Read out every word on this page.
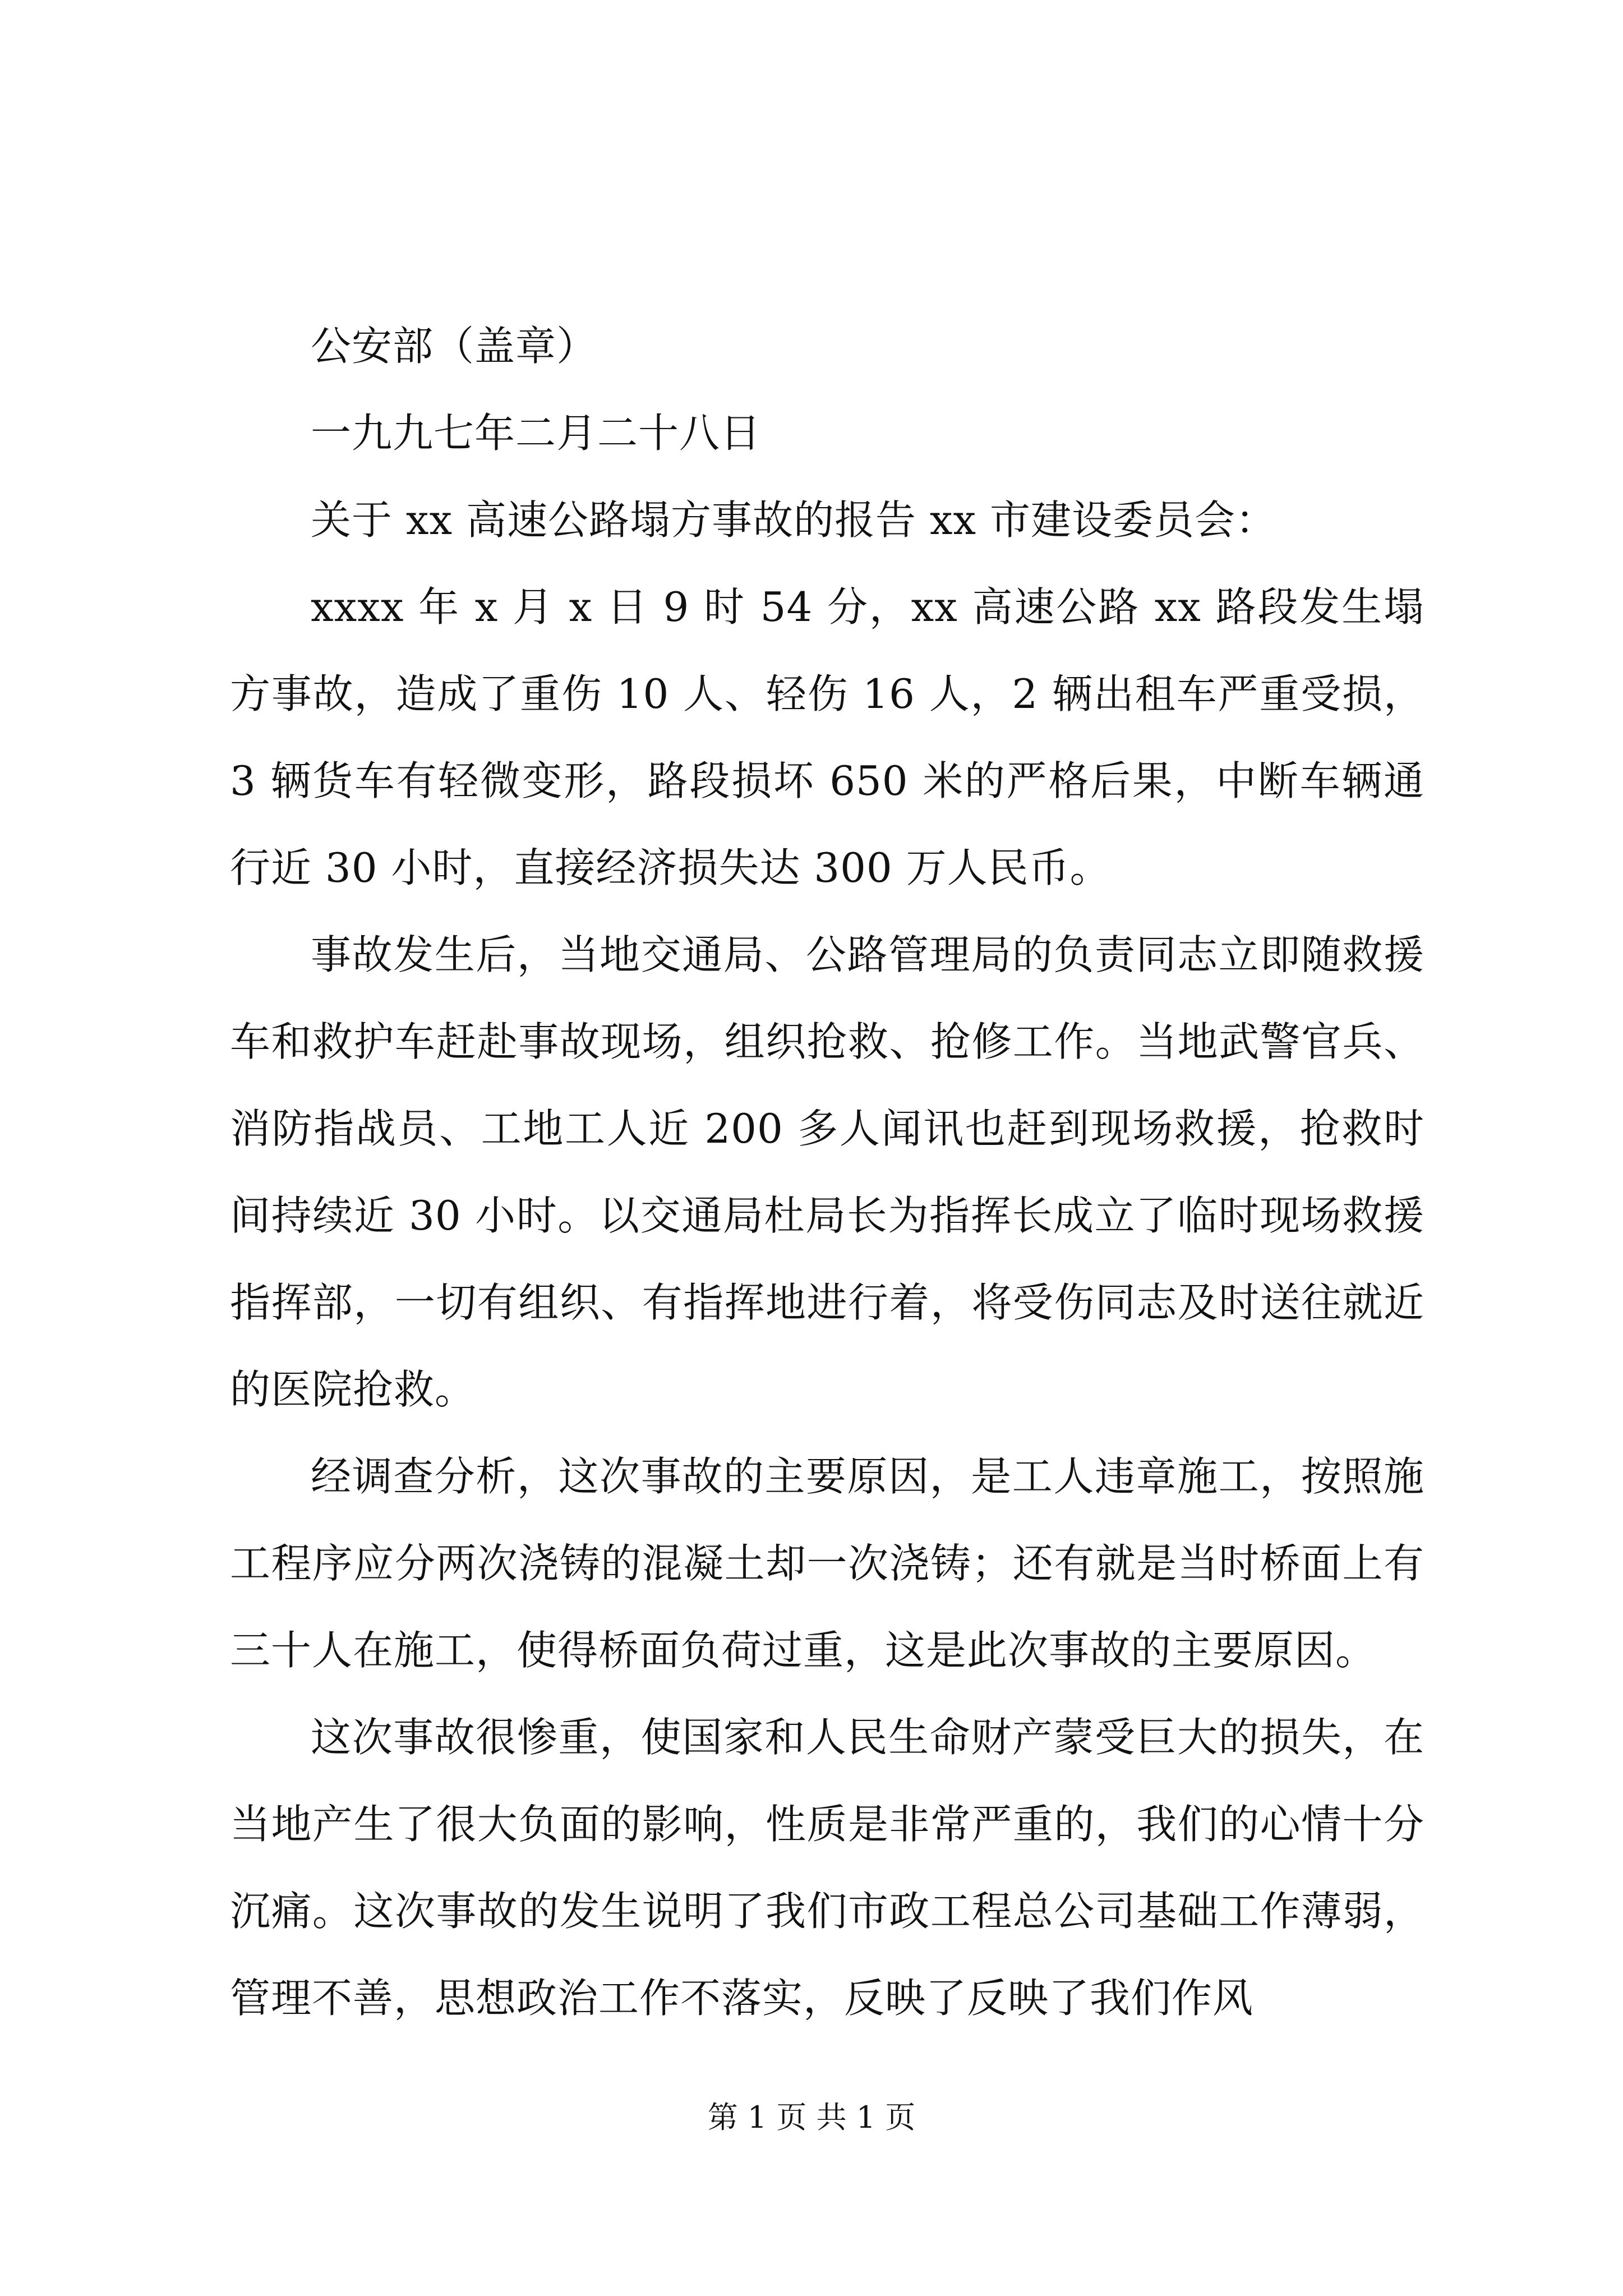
公安部（盖章）
一九九七年二月二十八日
关于 xx 高速公路塌方事故的报告 xx 市建设委员会：

xxxx 年 x 月 x 日 9 时 54 分，xx 高速公路 xx 路段发生塌方事故，造成了重伤 10 人、轻伤 16 人，2 辆出租车严重受损，3 辆货车有轻微变形，路段损坏 650 米的严格后果，中断车辆通行近 30 小时，直接经济损失达 300 万人民币。

事故发生后，当地交通局、公路管理局的负责同志立即随救援车和救护车赶赴事故现场，组织抢救、抢修工作。当地武警官兵、消防指战员、工地工人近 200 多人闻讯也赶到现场救援，抢救时间持续近 30 小时。以交通局杜局长为指挥长成立了临时现场救援指挥部，一切有组织、有指挥地进行着，将受伤同志及时送往就近的医院抢救。

经调查分析，这次事故的主要原因，是工人违章施工，按照施工程序应分两次浇铸的混凝土却一次浇铸；还有就是当时桥面上有三十人在施工，使得桥面负荷过重，这是此次事故的主要原因。

这次事故很惨重，使国家和人民生命财产蒙受巨大的损失，在当地产生了很大负面的影响，性质是非常严重的，我们的心情十分沉痛。这次事故的发生说明了我们市政工程总公司基础工作薄弱，管理不善，思想政治工作不落实，反映了反映了我们作风

第 1 页 共 1 页
